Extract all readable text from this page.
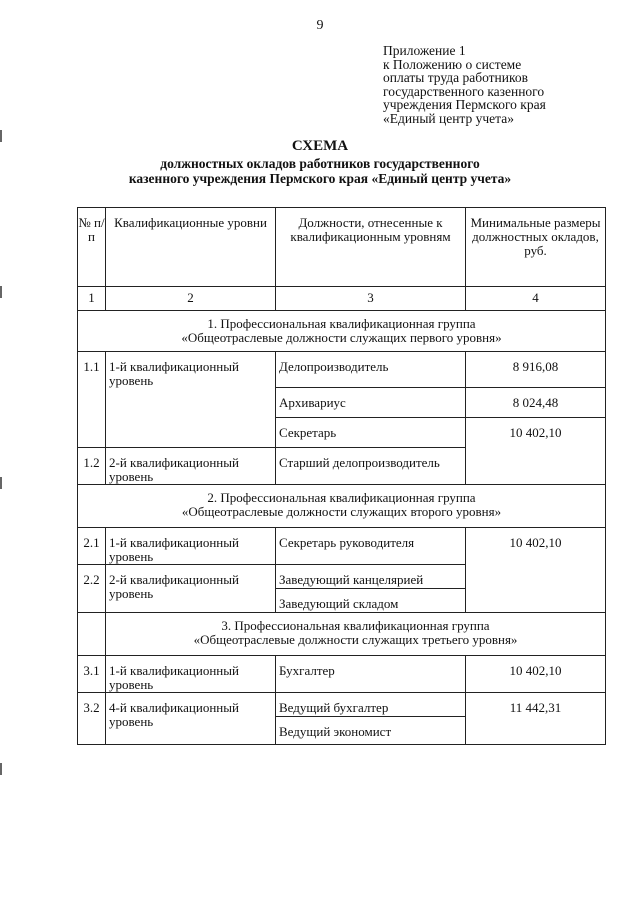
9
Приложение 1
к Положению о системе
оплаты труда работников
государственного казенного
учреждения Пермского края
«Единый центр учета»
СХЕМА
должностных окладов работников государственного
казенного учреждения Пермского края «Единый центр учета»
№ п/п	Квалификационные уровни	Должности, отнесенные к квалификационным уровням	Минимальные размеры должностных окладов, руб.
1	2	3	4

1. Профессиональная квалификационная группа
«Общеотраслевые должности служащих первого уровня»			

1.1	1-й квалификационный уровень	Делопроизводитель	8 916,08
		Архивариус	8 024,48
		Секретарь	10 402,10
1.2	2-й квалификационный уровень	Старший делопроизводитель	

2. Профессиональная квалификационная группа
«Общеотраслевые должности служащих второго уровня»			

2.1	1-й квалификационный уровень	Секретарь руководителя	10 402,10
2.2	2-й квалификационный уровень	Заведующий канцелярией	
		Заведующий складом	

	3. Профессиональная квалификационная группа
«Общеотраслевые должности служащих третьего уровня»		

3.1	1-й квалификационный уровень	Бухгалтер	10 402,10
3.2	4-й квалификационный уровень	Ведущий бухгалтер	11 442,31
		Ведущий экономист	
